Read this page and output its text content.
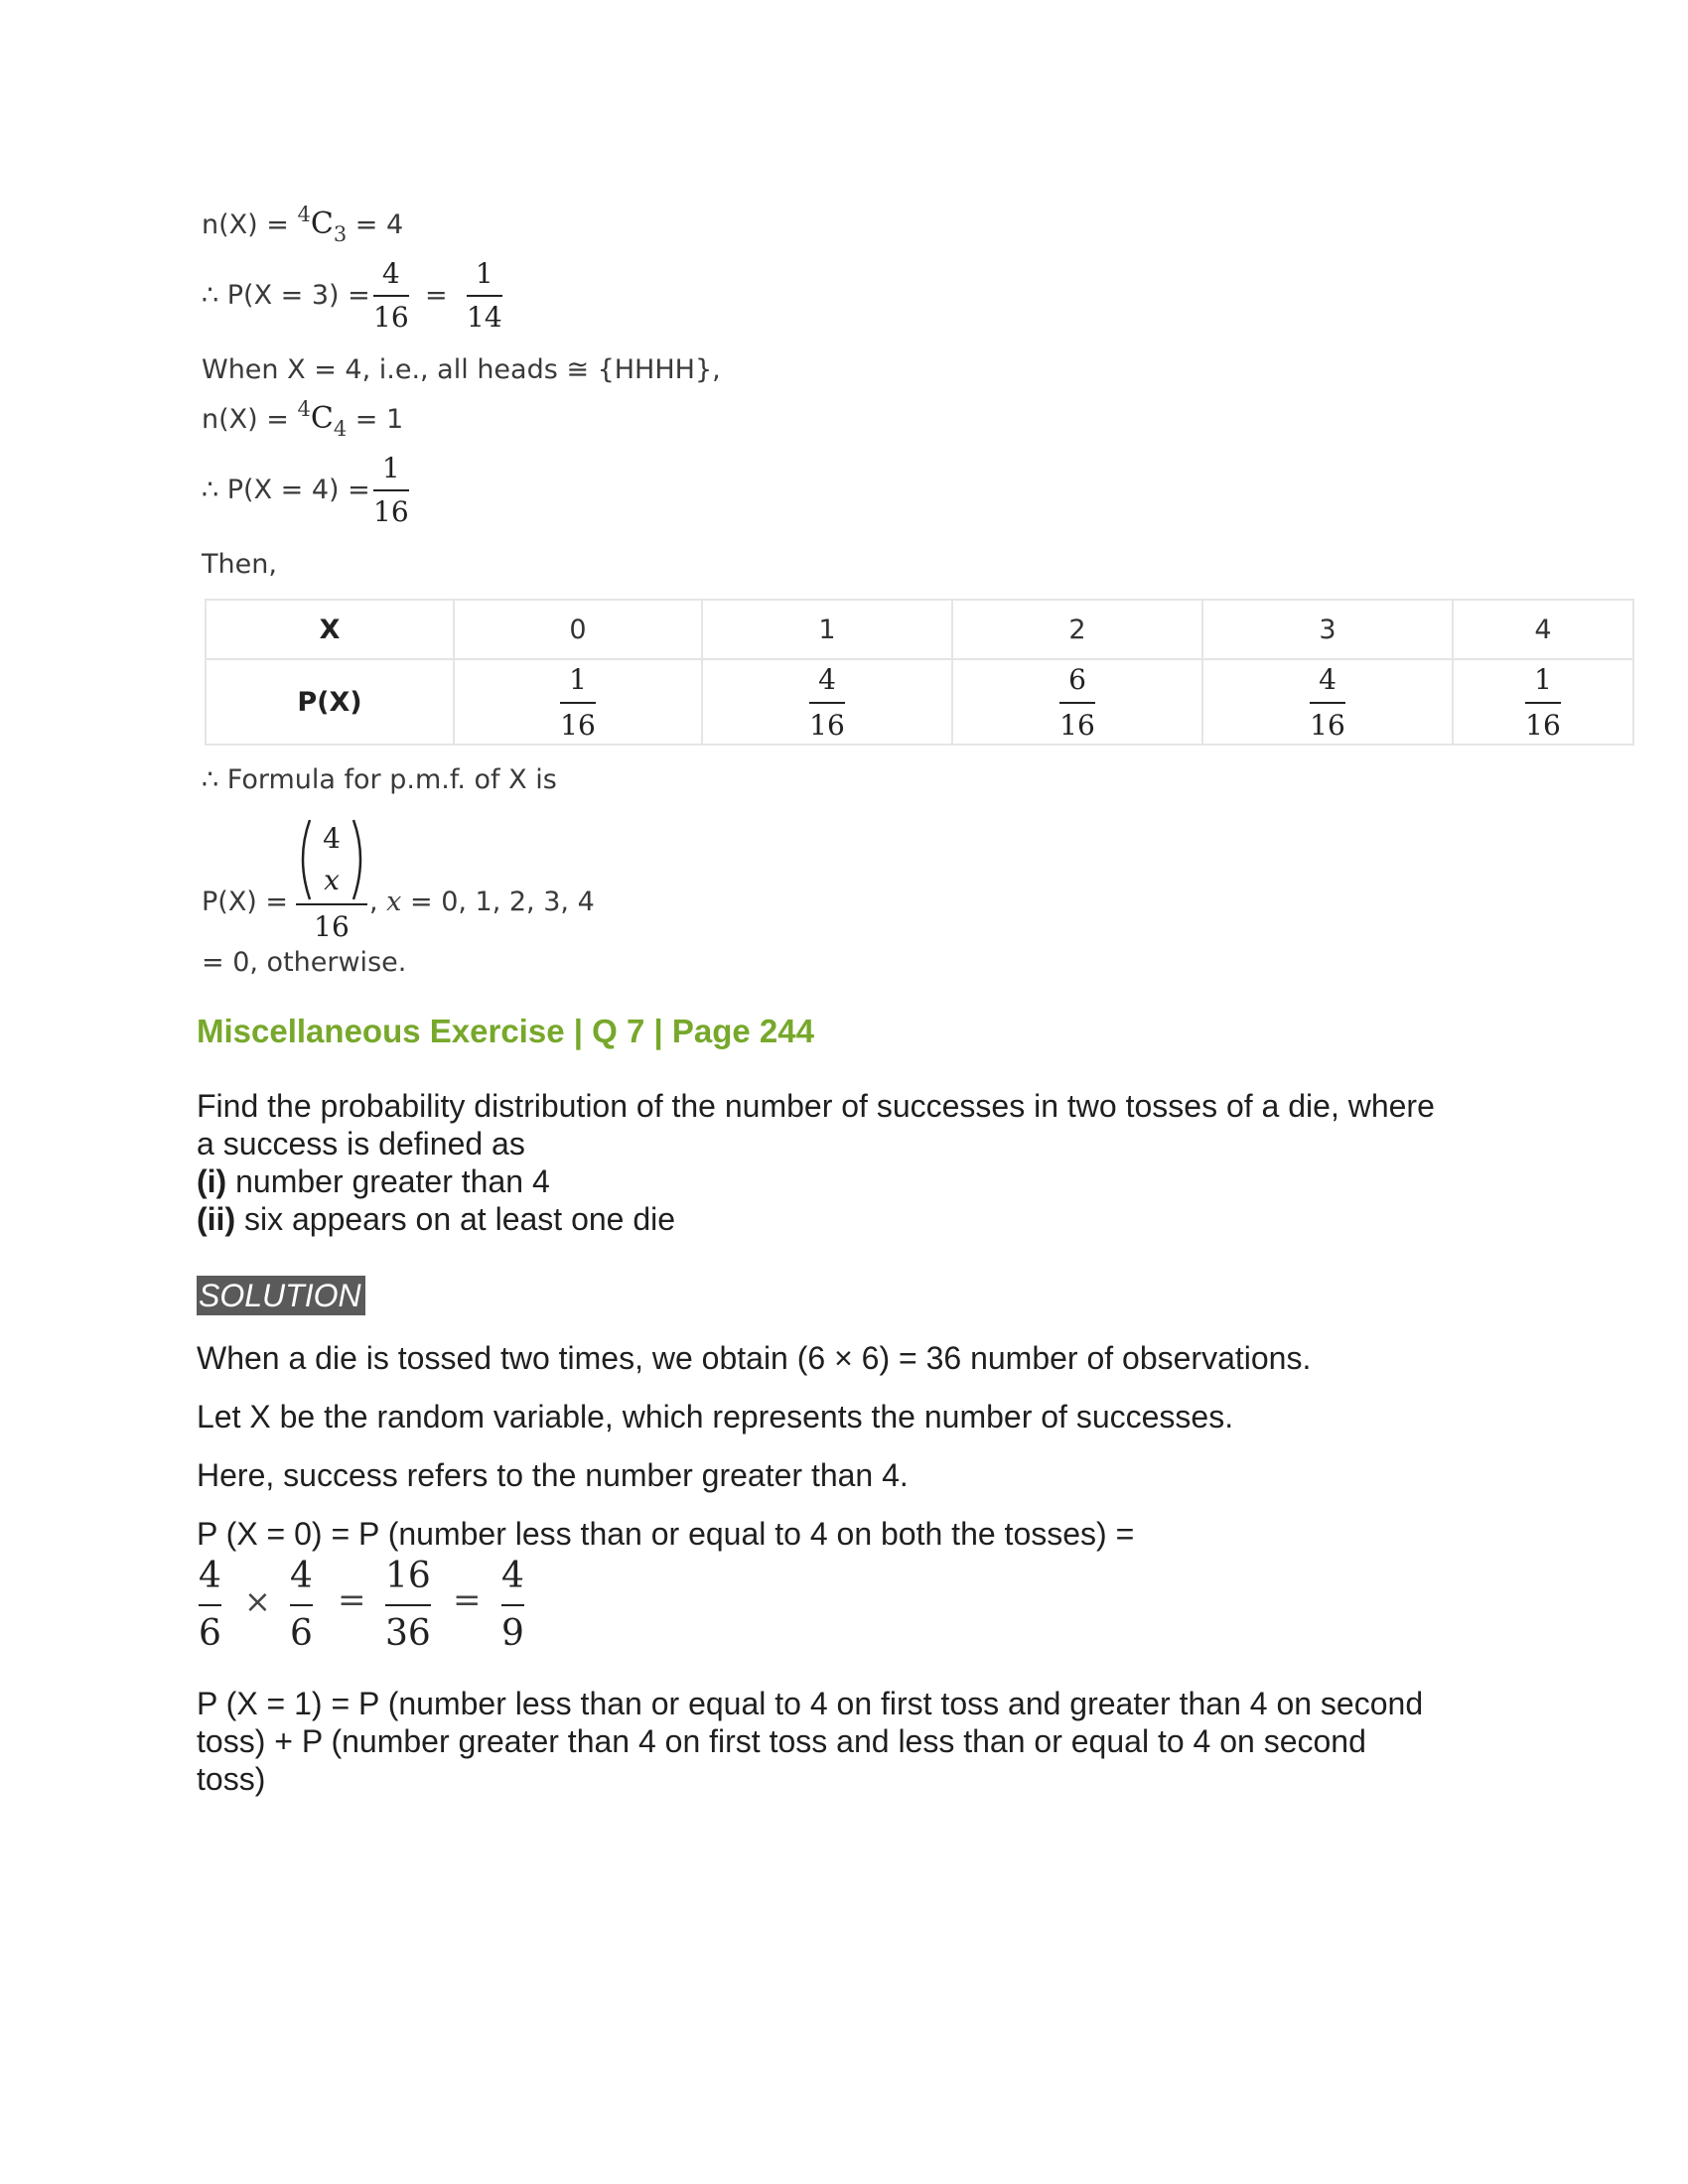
$n(X) = ^4C_3 = 4$
∴ P(X = 3) =
4
16
=
1
14
When X = 4, i.e., all heads ≅ {HHHH},
$n(X) = ^4C_4 = 1$
∴ P(X = 4) =
1
16
Then,
X	0	1	2	3	4
P(X)	$\frac{1}{16}$	$\frac{4}{16}$	$\frac{6}{16}$	$\frac{4}{16}$	$\frac{1}{16}$
∴ Formula for p.m.f. of X is
P(X) =
4
x
16
, x = 0, 1, 2, 3, 4
= 0, otherwise.
Miscellaneous Exercise | Q 7 | Page 244
Find the probability distribution of the number of successes in two tosses of a die, where
a success is defined as
(i) number greater than 4
(ii) six appears on at least one die
SOLUTION
When a die is tossed two times, we obtain (6 × 6) = 36 number of observations.
Let X be the random variable, which represents the number of successes.
Here, success refers to the number greater than 4.
P (X = 0) = P (number less than or equal to 4 on both the tosses) =
4
6
×
4
6
=
16
36
=
4
9
P (X = 1) = P (number less than or equal to 4 on first toss and greater than 4 on second
toss) + P (number greater than 4 on first toss and less than or equal to 4 on second
toss)
